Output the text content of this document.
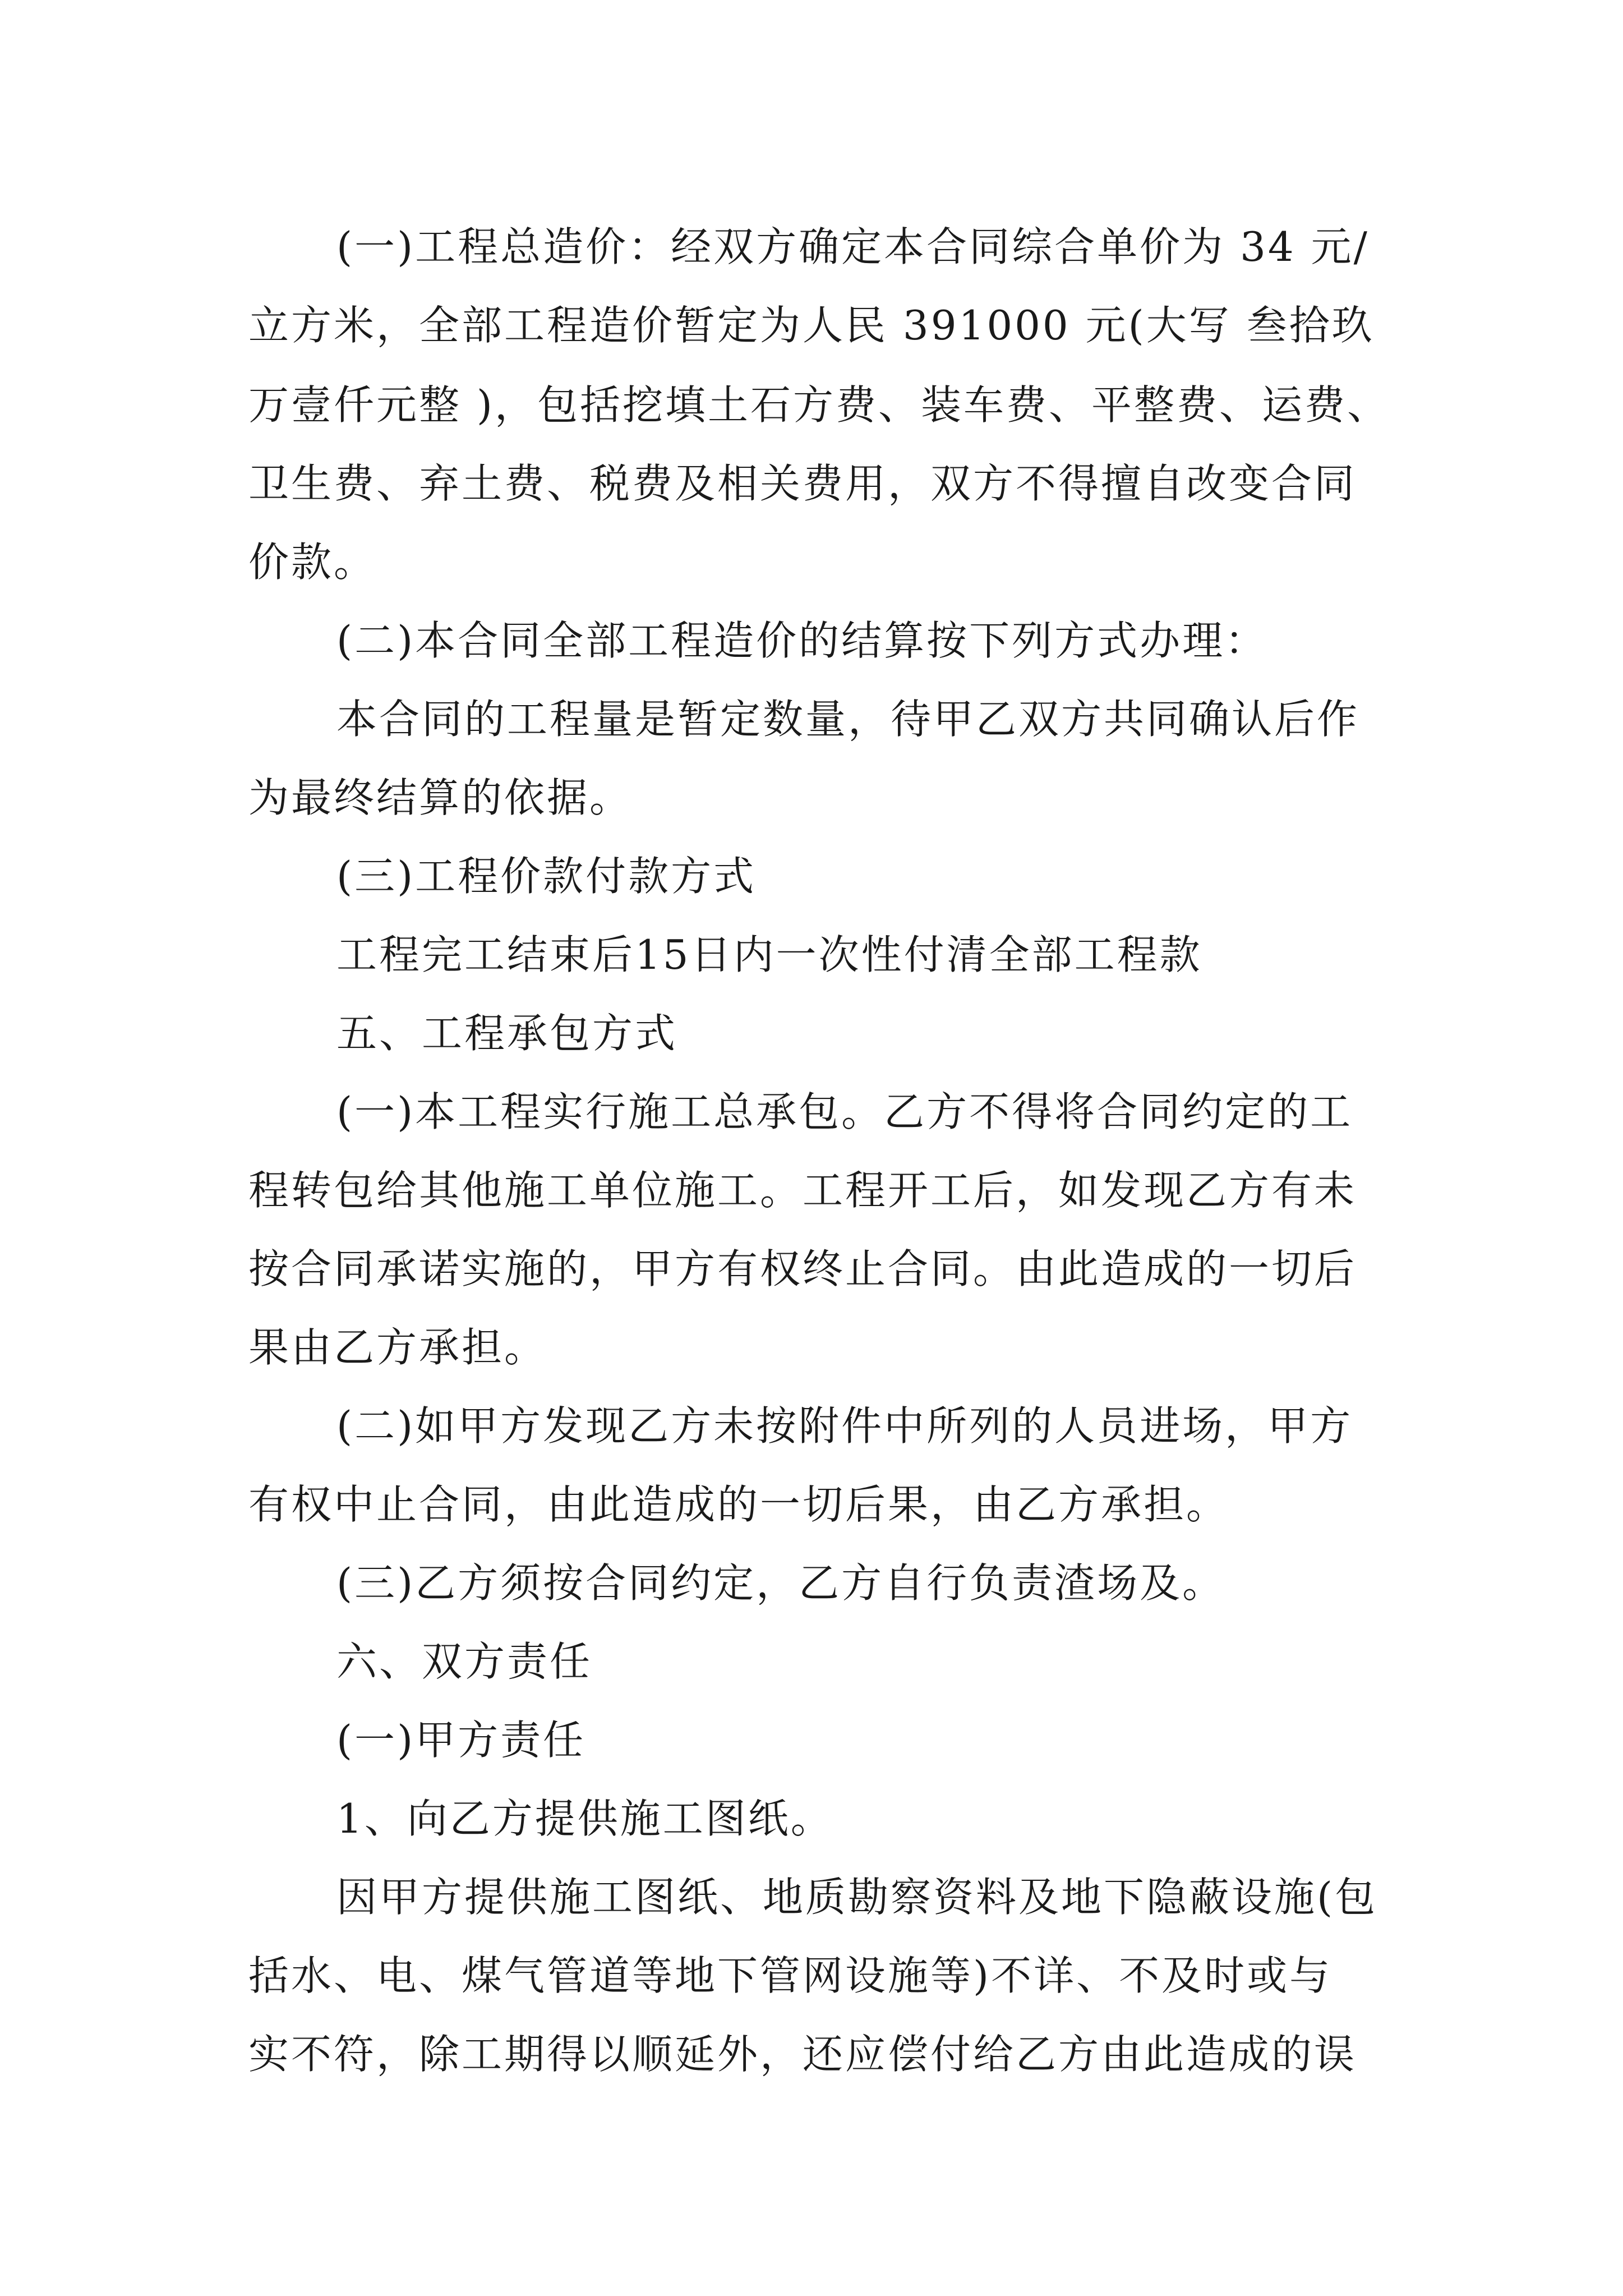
(一)工程总造价：经双方确定本合同综合单价为 34 元/
立方米，全部工程造价暂定为人民 391000 元(大写 叁拾玖
万壹仟元整 )，包括挖填土石方费、装车费、平整费、运费、
卫生费、弃土费、税费及相关费用，双方不得擅自改变合同
价款。
(二)本合同全部工程造价的结算按下列方式办理：
本合同的工程量是暂定数量，待甲乙双方共同确认后作
为最终结算的依据。
(三)工程价款付款方式
工程完工结束后15日内一次性付清全部工程款
五、工程承包方式
(一)本工程实行施工总承包。乙方不得将合同约定的工
程转包给其他施工单位施工。工程开工后，如发现乙方有未
按合同承诺实施的，甲方有权终止合同。由此造成的一切后
果由乙方承担。
(二)如甲方发现乙方未按附件中所列的人员进场，甲方
有权中止合同，由此造成的一切后果，由乙方承担。
(三)乙方须按合同约定，乙方自行负责渣场及。
六、双方责任
(一)甲方责任
1、向乙方提供施工图纸。
因甲方提供施工图纸、地质勘察资料及地下隐蔽设施(包
括水、电、煤气管道等地下管网设施等)不详、不及时或与
实不符，除工期得以顺延外，还应偿付给乙方由此造成的误
